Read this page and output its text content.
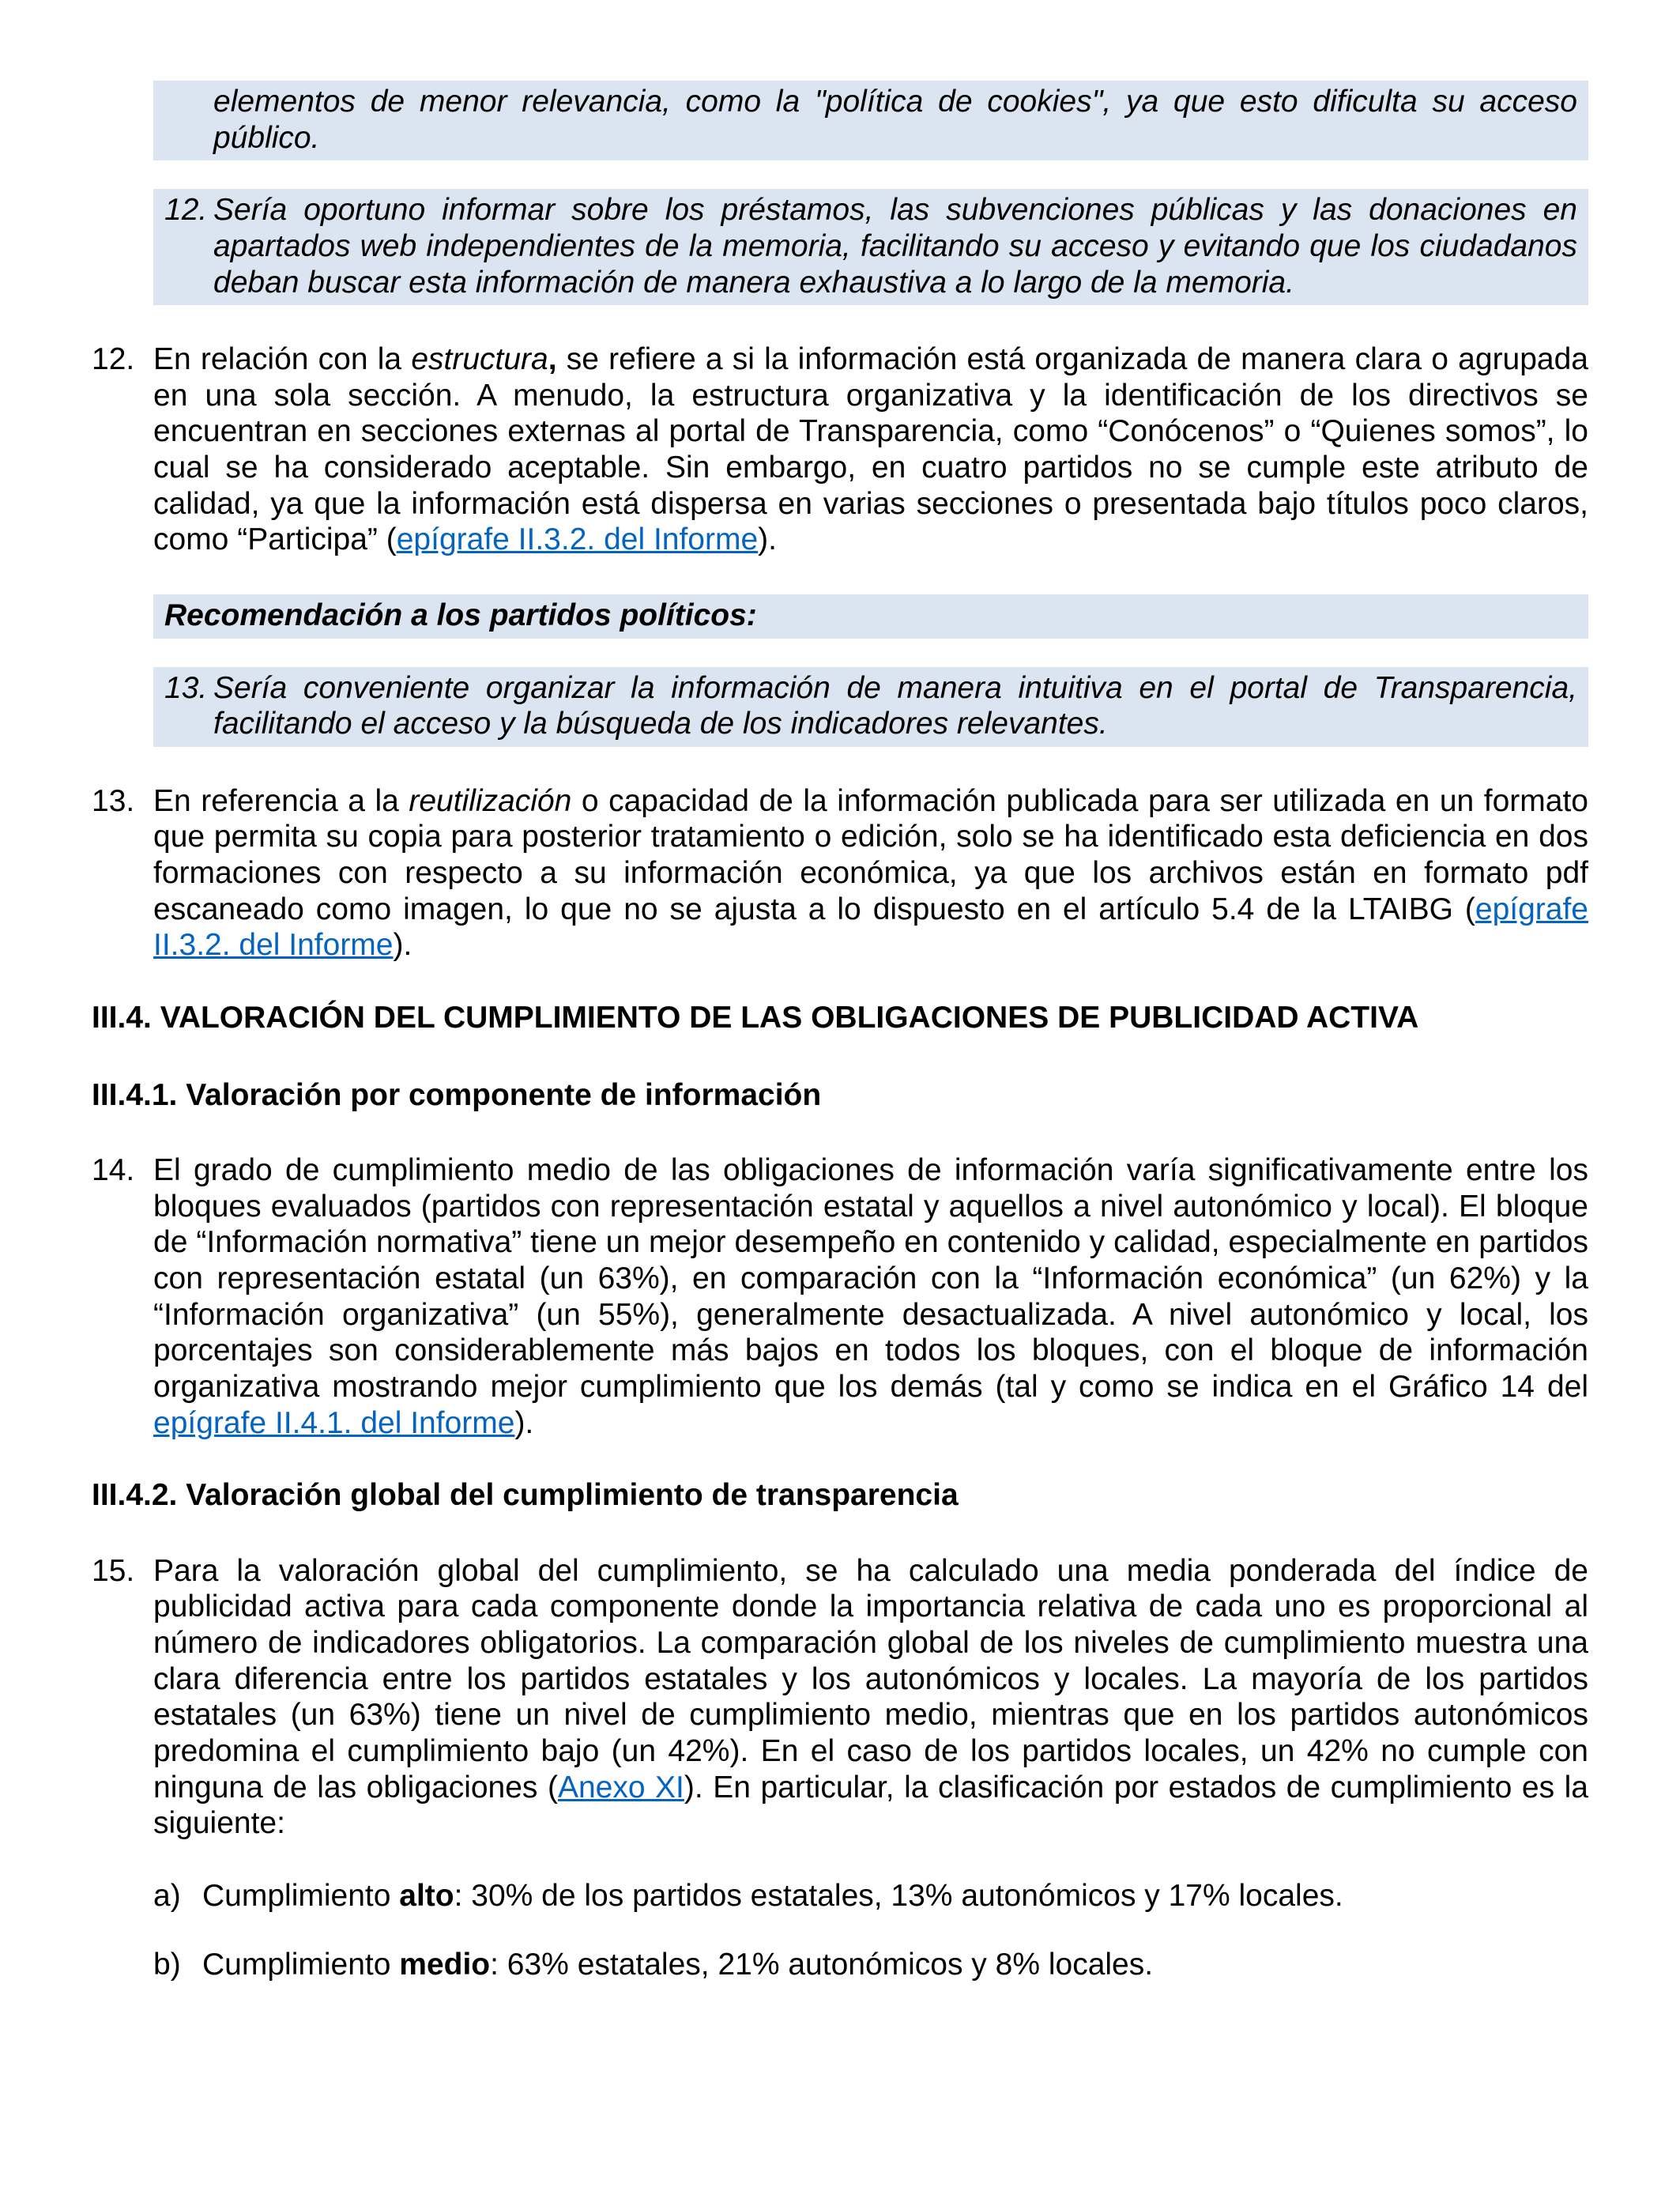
elementos de menor relevancia, como la "política de cookies", ya que esto dificulta su acceso público.

12. Sería oportuno informar sobre los préstamos, las subvenciones públicas y las donaciones en apartados web independientes de la memoria, facilitando su acceso y evitando que los ciudadanos deban buscar esta información de manera exhaustiva a lo largo de la memoria.

12. En relación con la estructura, se refiere a si la información está organizada de manera clara o agrupada en una sola sección. A menudo, la estructura organizativa y la identificación de los directivos se encuentran en secciones externas al portal de Transparencia, como “Conócenos” o “Quienes somos”, lo cual se ha considerado aceptable. Sin embargo, en cuatro partidos no se cumple este atributo de calidad, ya que la información está dispersa en varias secciones o presentada bajo títulos poco claros, como “Participa” (epígrafe II.3.2. del Informe).

Recomendación a los partidos políticos:

13. Sería conveniente organizar la información de manera intuitiva en el portal de Transparencia, facilitando el acceso y la búsqueda de los indicadores relevantes.

13. En referencia a la reutilización o capacidad de la información publicada para ser utilizada en un formato que permita su copia para posterior tratamiento o edición, solo se ha identificado esta deficiencia en dos formaciones con respecto a su información económica, ya que los archivos están en formato pdf escaneado como imagen, lo que no se ajusta a lo dispuesto en el artículo 5.4 de la LTAIBG (epígrafe II.3.2. del Informe).

III.4. VALORACIÓN DEL CUMPLIMIENTO DE LAS OBLIGACIONES DE PUBLICIDAD ACTIVA

III.4.1. Valoración por componente de información

14. El grado de cumplimiento medio de las obligaciones de información varía significativamente entre los bloques evaluados (partidos con representación estatal y aquellos a nivel autonómico y local). El bloque de “Información normativa” tiene un mejor desempeño en contenido y calidad, especialmente en partidos con representación estatal (un 63%), en comparación con la “Información económica” (un 62%) y la “Información organizativa” (un 55%), generalmente desactualizada. A nivel autonómico y local, los porcentajes son considerablemente más bajos en todos los bloques, con el bloque de información organizativa mostrando mejor cumplimiento que los demás (tal y como se indica en el Gráfico 14 del epígrafe II.4.1. del Informe).

III.4.2. Valoración global del cumplimiento de transparencia

15. Para la valoración global del cumplimiento, se ha calculado una media ponderada del índice de publicidad activa para cada componente donde la importancia relativa de cada uno es proporcional al número de indicadores obligatorios. La comparación global de los niveles de cumplimiento muestra una clara diferencia entre los partidos estatales y los autonómicos y locales. La mayoría de los partidos estatales (un 63%) tiene un nivel de cumplimiento medio, mientras que en los partidos autonómicos predomina el cumplimiento bajo (un 42%). En el caso de los partidos locales, un 42% no cumple con ninguna de las obligaciones (Anexo XI). En particular, la clasificación por estados de cumplimiento es la siguiente:

a) Cumplimiento alto: 30% de los partidos estatales, 13% autonómicos y 17% locales.

b) Cumplimiento medio: 63% estatales, 21% autonómicos y 8% locales.
